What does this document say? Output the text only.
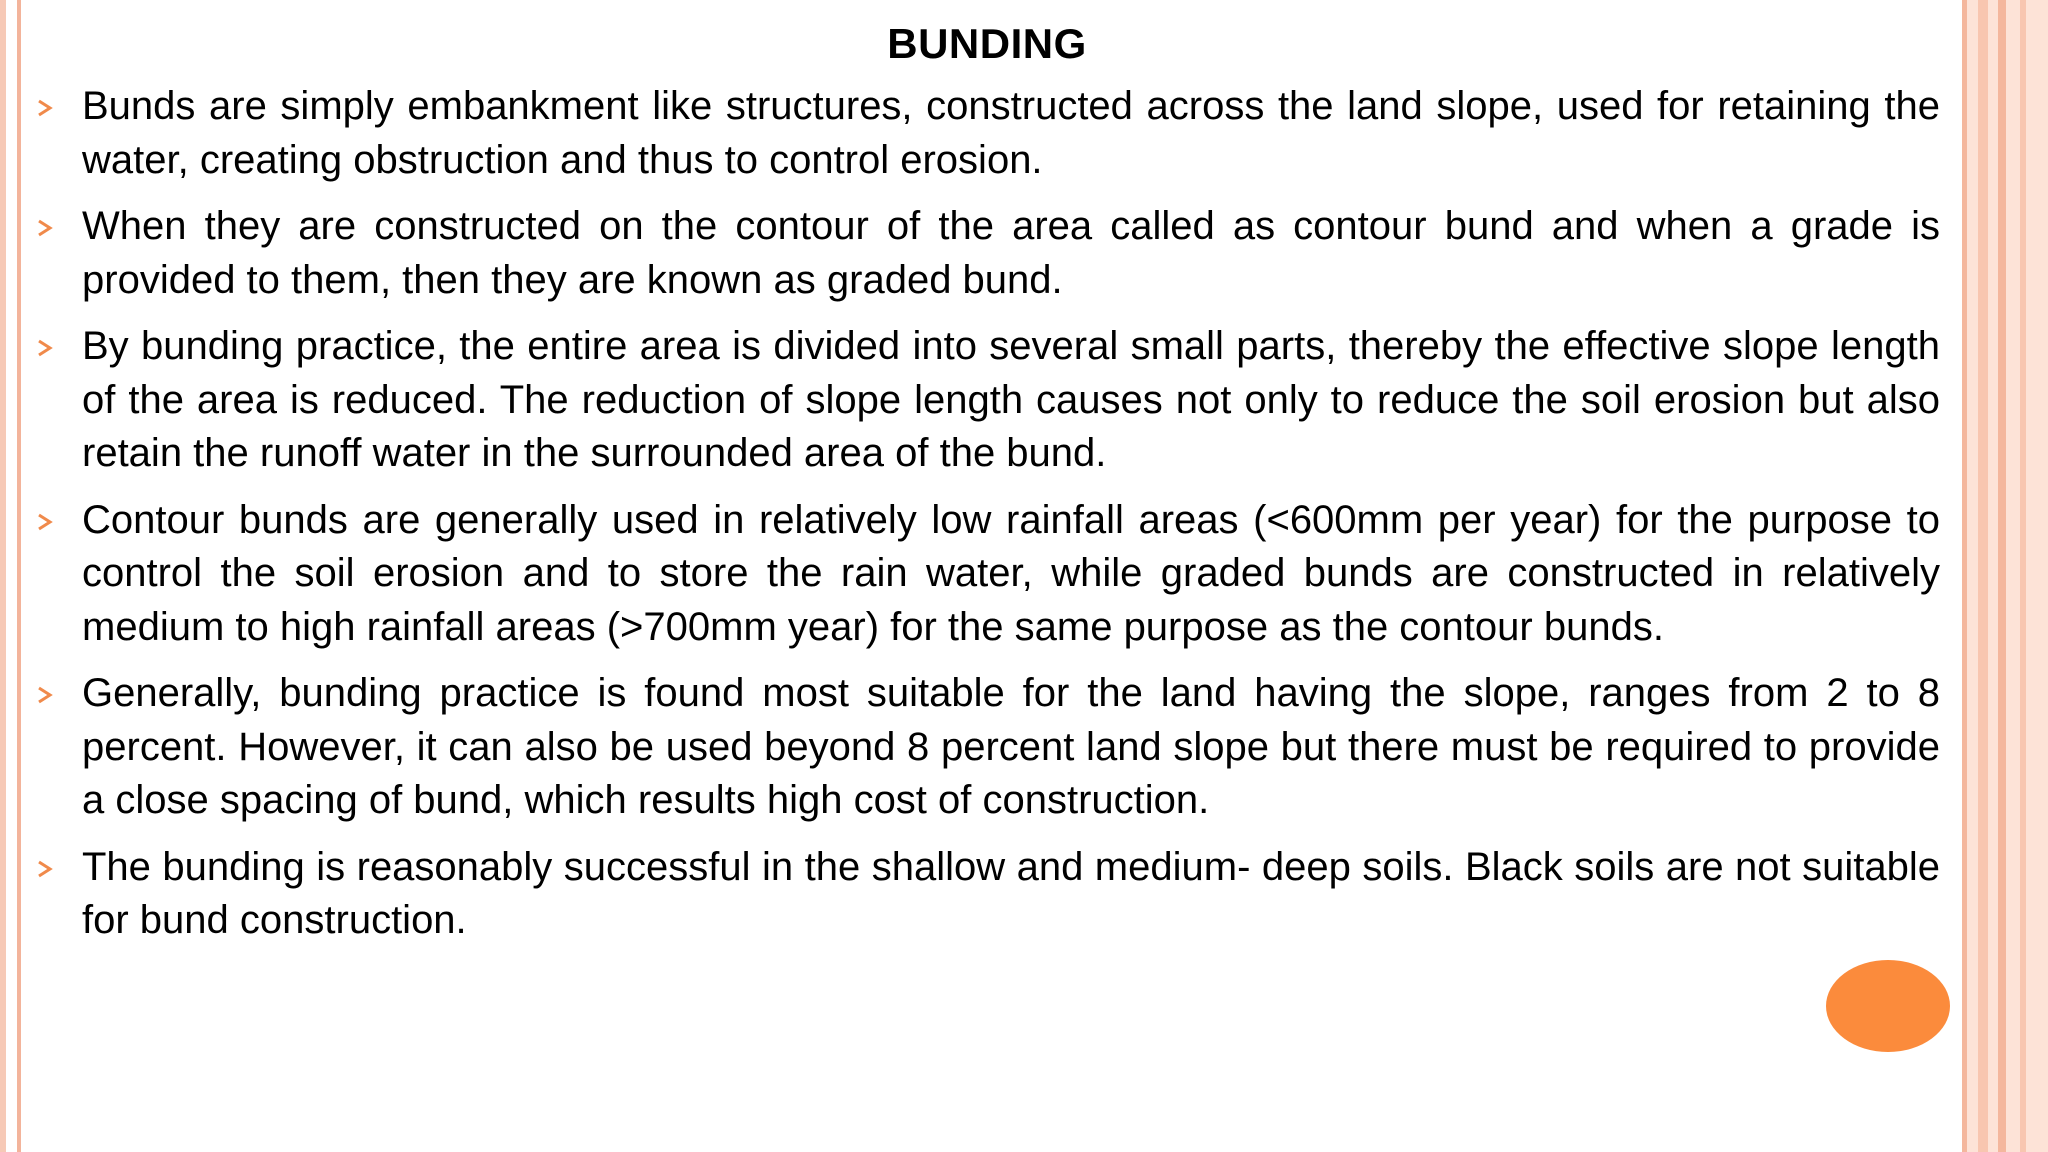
BUNDING
Bunds are simply embankment like structures, constructed across the land slope, used for retaining the water, creating obstruction and thus to control erosion.
When they are constructed on the contour of the area called as contour bund and when a grade is provided to them, then they are known as graded bund.
By bunding practice, the entire area is divided into several small parts, thereby the effective slope length of the area is reduced. The reduction of slope length causes not only to reduce the soil erosion but also retain the runoff water in the surrounded area of the bund.
Contour bunds are generally used in relatively low rainfall areas (<600mm per year) for the purpose to control the soil erosion and to store the rain water, while graded bunds are constructed in relatively medium to high rainfall areas (>700mm year) for the same purpose as the contour bunds.
Generally, bunding practice is found most suitable for the land having the slope, ranges from 2 to 8 percent. However, it can also be used beyond 8 percent land slope but there must be required to provide a close spacing of bund, which results high cost of construction.
The bunding is reasonably successful in the shallow and medium- deep soils. Black soils are not suitable for bund construction.
